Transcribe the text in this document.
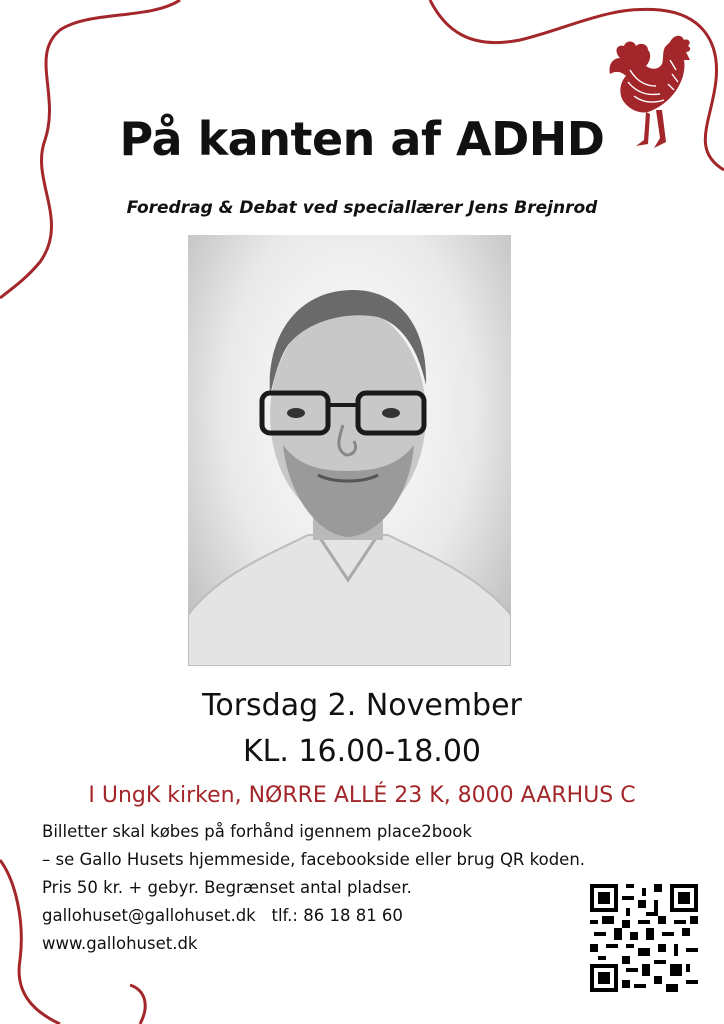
På kanten af ADHD
Foredrag & Debat ved speciallærer Jens Brejnrod
Torsdag 2. November
KL. 16.00-18.00
I UngK kirken, NØRRE ALLÉ 23 K, 8000 AARHUS C
Billetter skal købes på forhånd igennem place2book
– se Gallo Husets hjemmeside, facebookside eller brug QR koden.
Pris 50 kr. + gebyr. Begrænset antal pladser.
gallohuset@gallohuset.dk tlf.: 86 18 81 60
www.gallohuset.dk
